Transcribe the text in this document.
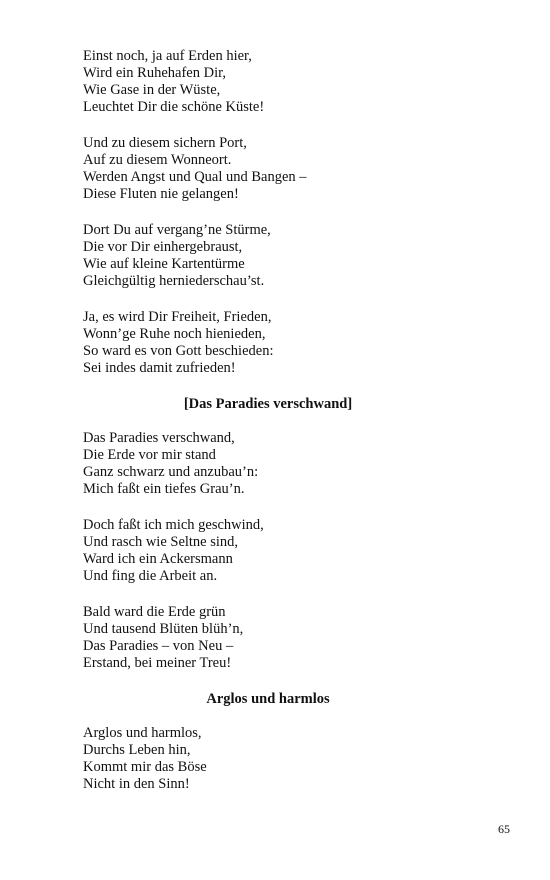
Einst noch, ja auf Erden hier,
Wird ein Ruhehafen Dir,
Wie Gase in der Wüste,
Leuchtet Dir die schöne Küste!
Und zu diesem sichern Port,
Auf zu diesem Wonneort.
Werden Angst und Qual und Bangen –
Diese Fluten nie gelangen!
Dort Du auf vergang’ne Stürme,
Die vor Dir einhergebraust,
Wie auf kleine Kartentürme
Gleichgültig herniederschau’st.
Ja, es wird Dir Freiheit, Frieden,
Wonn’ge Ruhe noch hienieden,
So ward es von Gott beschieden:
Sei indes damit zufrieden!
[Das Paradies verschwand]
Das Paradies verschwand,
Die Erde vor mir stand
Ganz schwarz und anzubau’n:
Mich faßt ein tiefes Grau’n.
Doch faßt ich mich geschwind,
Und rasch wie Seltne sind,
Ward ich ein Ackersmann
Und fing die Arbeit an.
Bald ward die Erde grün
Und tausend Blüten blüh’n,
Das Paradies – von Neu –
Erstand, bei meiner Treu!
Arglos und harmlos
Arglos und harmlos,
Durchs Leben hin,
Kommt mir das Böse
Nicht in den Sinn!
65
